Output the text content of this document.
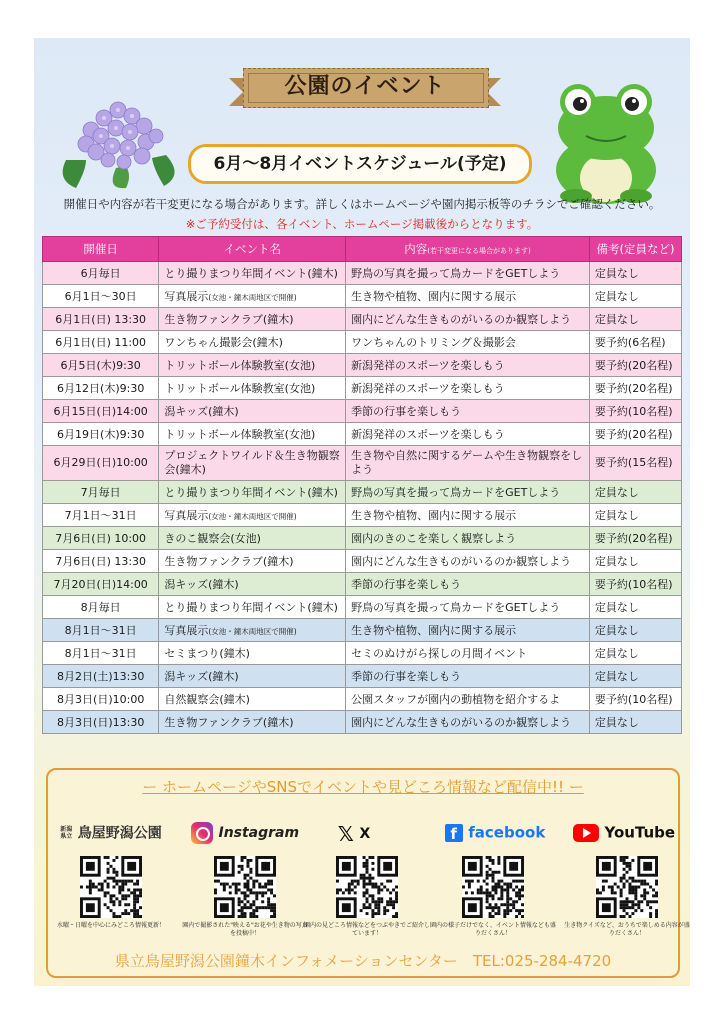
公園のイベント
6月～8月イベントスケジュール(予定)
開催日や内容が若干変更になる場合があります。詳しくはホームページや園内掲示板等のチラシでご確認ください。
※ご予約受付は、各イベント、ホームページ掲載後からとなります。
開催日	イベント名	内容(若干変更になる場合があります)	備考(定員など)
6月毎日	とり撮りまつり年間イベント(鐘木)	野鳥の写真を撮って鳥カードをGETしよう	定員なし
6月1日～30日	写真展示(女池・鐘木両地区で開催)	生き物や植物、園内に関する展示	定員なし
6月1日(日) 13:30	生き物ファンクラブ(鐘木)	園内にどんな生きものがいるのか観察しよう	定員なし
6月1日(日) 11:00	ワンちゃん撮影会(鐘木)	ワンちゃんのトリミング＆撮影会	要予約(6名程)
6月5日(木)9:30	トリットボール体験教室(女池)	新潟発祥のスポーツを楽しもう	要予約(20名程)
6月12日(木)9:30	トリットボール体験教室(女池)	新潟発祥のスポーツを楽しもう	要予約(20名程)
6月15日(日)14:00	潟キッズ(鐘木)	季節の行事を楽しもう	要予約(10名程)
6月19日(木)9:30	トリットボール体験教室(女池)	新潟発祥のスポーツを楽しもう	要予約(20名程)
6月29日(日)10:00	プロジェクトワイルド＆生き物観察会(鐘木)	生き物や自然に関するゲームや生き物観察をしよう	要予約(15名程)
7月毎日	とり撮りまつり年間イベント(鐘木)	野鳥の写真を撮って鳥カードをGETしよう	定員なし
7月1日～31日	写真展示(女池・鐘木両地区で開催)	生き物や植物、園内に関する展示	定員なし
7月6日(日) 10:00	きのこ観察会(女池)	園内のきのこを楽しく観察しよう	要予約(20名程)
7月6日(日) 13:30	生き物ファンクラブ(鐘木)	園内にどんな生きものがいるのか観察しよう	定員なし
7月20日(日)14:00	潟キッズ(鐘木)	季節の行事を楽しもう	要予約(10名程)
8月毎日	とり撮りまつり年間イベント(鐘木)	野鳥の写真を撮って鳥カードをGETしよう	定員なし
8月1日～31日	写真展示(女池・鐘木両地区で開催)	生き物や植物、園内に関する展示	定員なし
8月1日～31日	セミまつり(鐘木)	セミのぬけがら探しの月間イベント	定員なし
8月2日(土)13:30	潟キッズ(鐘木)	季節の行事を楽しもう	定員なし
8月3日(日)10:00	自然観察会(鐘木)	公園スタッフが園内の動植物を紹介するよ	要予約(10名程)
8月3日(日)13:30	生き物ファンクラブ(鐘木)	園内にどんな生きものがいるのか観察しよう	定員なし
ー ホームページやSNSでイベントや見どころ情報など配信中!! ー
新潟
県立 鳥屋野潟公園	Instagram	𝕏 X	f facebook	YouTube
水曜・日曜を中心にみどころ情報更新！	園内で撮影された"映える"お花や生き物の写真を投稿中！
園内の見どころ情報などをつぶやきでご紹介しています！
園内の様子だけでなく、イベント情報なども盛りだくさん！
生き物クイズなど、おうちで楽しめる内容が盛りだくさん！
県立鳥屋野潟公園鐘木インフォメーションセンター　TEL:025-284-4720
